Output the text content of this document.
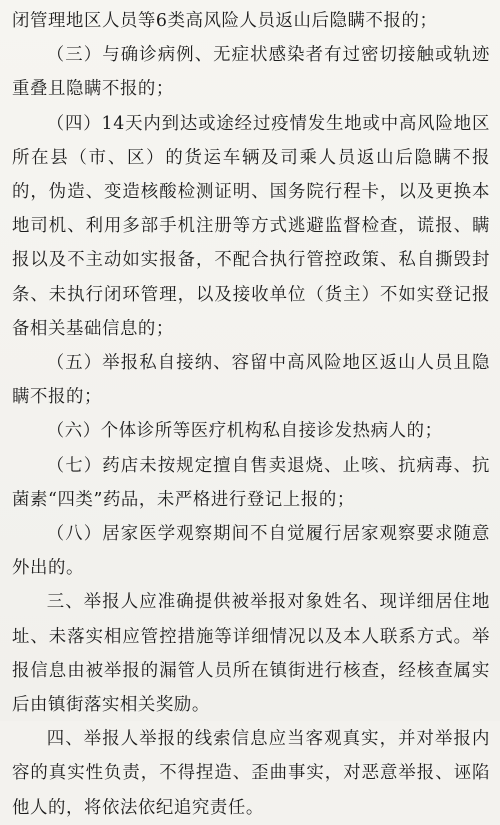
闭管理地区人员等6类高风险人员返山后隐瞒不报的；

（三）与确诊病例、无症状感染者有过密切接触或轨迹重叠且隐瞒不报的；

（四）14天内到达或途经过疫情发生地或中高风险地区所在县（市、区）的货运车辆及司乘人员返山后隐瞒不报的，伪造、变造核酸检测证明、国务院行程卡，以及更换本地司机、利用多部手机注册等方式逃避监督检查，谎报、瞒报以及不主动如实报备，不配合执行管控政策、私自撕毁封条、未执行闭环管理，以及接收单位（货主）不如实登记报备相关基础信息的；

（五）举报私自接纳、容留中高风险地区返山人员且隐瞒不报的；

（六）个体诊所等医疗机构私自接诊发热病人的；

（七）药店未按规定擅自售卖退烧、止咳、抗病毒、抗菌素“四类”药品，未严格进行登记上报的；

（八）居家医学观察期间不自觉履行居家观察要求随意外出的。

三、举报人应准确提供被举报对象姓名、现详细居住地址、未落实相应管控措施等详细情况以及本人联系方式。举报信息由被举报的漏管人员所在镇街进行核查，经核查属实后由镇街落实相关奖励。

四、举报人举报的线索信息应当客观真实，并对举报内容的真实性负责，不得捏造、歪曲事实，对恶意举报、诬陷他人的，将依法依纪追究责任。
